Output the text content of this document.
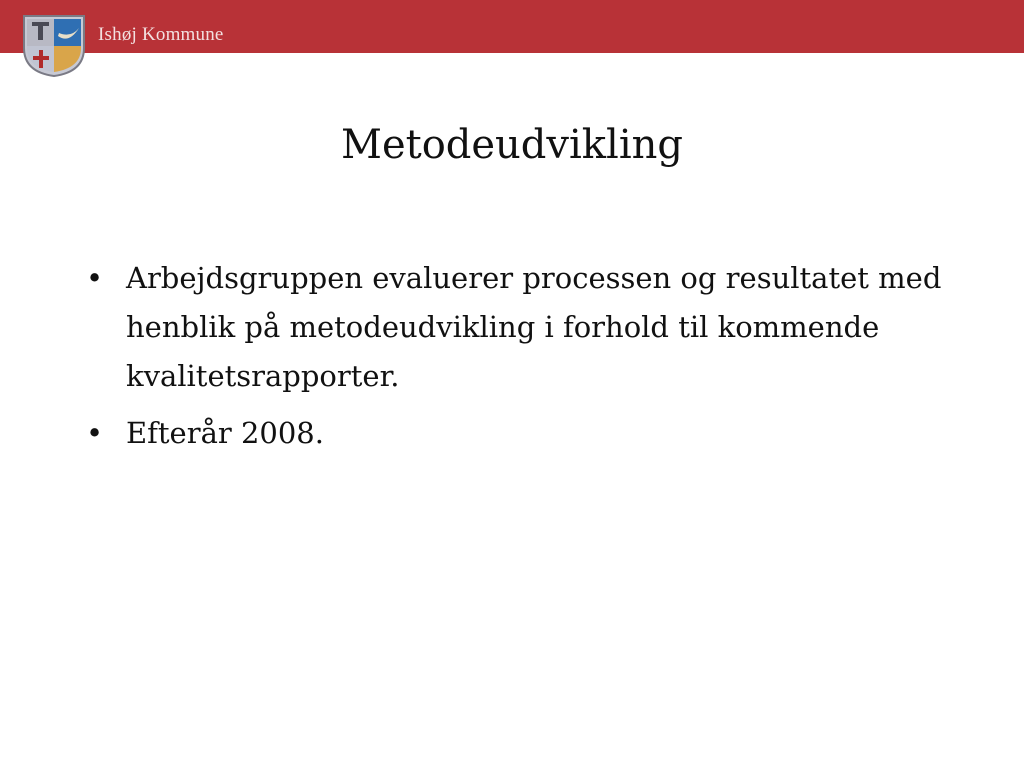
Ishøj Kommune
Metodeudvikling
• Arbejdsgruppen evaluerer processen og resultatet med henblik på metodeudvikling i forhold til kommende kvalitetsrapporter.
• Efterår 2008.
